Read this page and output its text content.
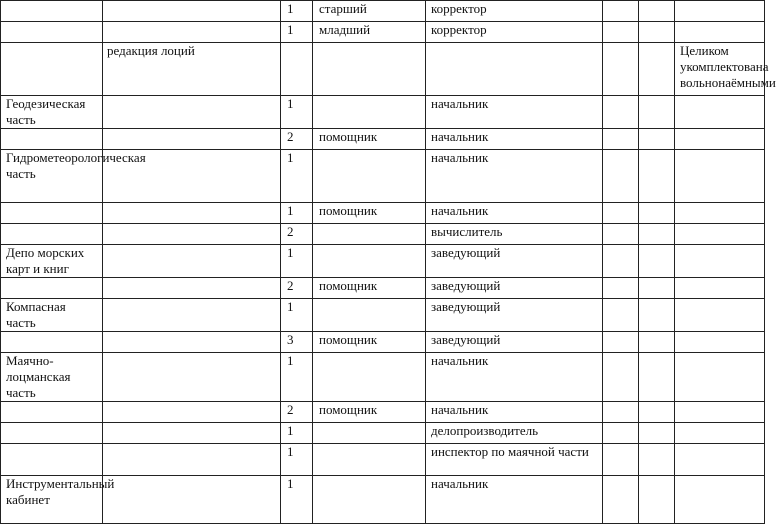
		1	старший	корректор			
		1	младший	корректор			
	редакция лоций						Целиком укомплектована вольнонаёмными
Геодезическая часть		1		начальник			
		2	помощник	начальник			
Гидрометеорологическая часть		1		начальник			
		1	помощник	начальник			
		2		вычислитель			
Депо морских карт и книг		1		заведующий			
		2	помощник	заведующий			
Компасная часть		1		заведующий			
		3	помощник	заведующий			
Маячно-лоцманская часть		1		начальник			
		2	помощник	начальник			
		1		делопроизводитель			
		1		инспектор по маячной части			
Инструментальный кабинет		1		начальник			
